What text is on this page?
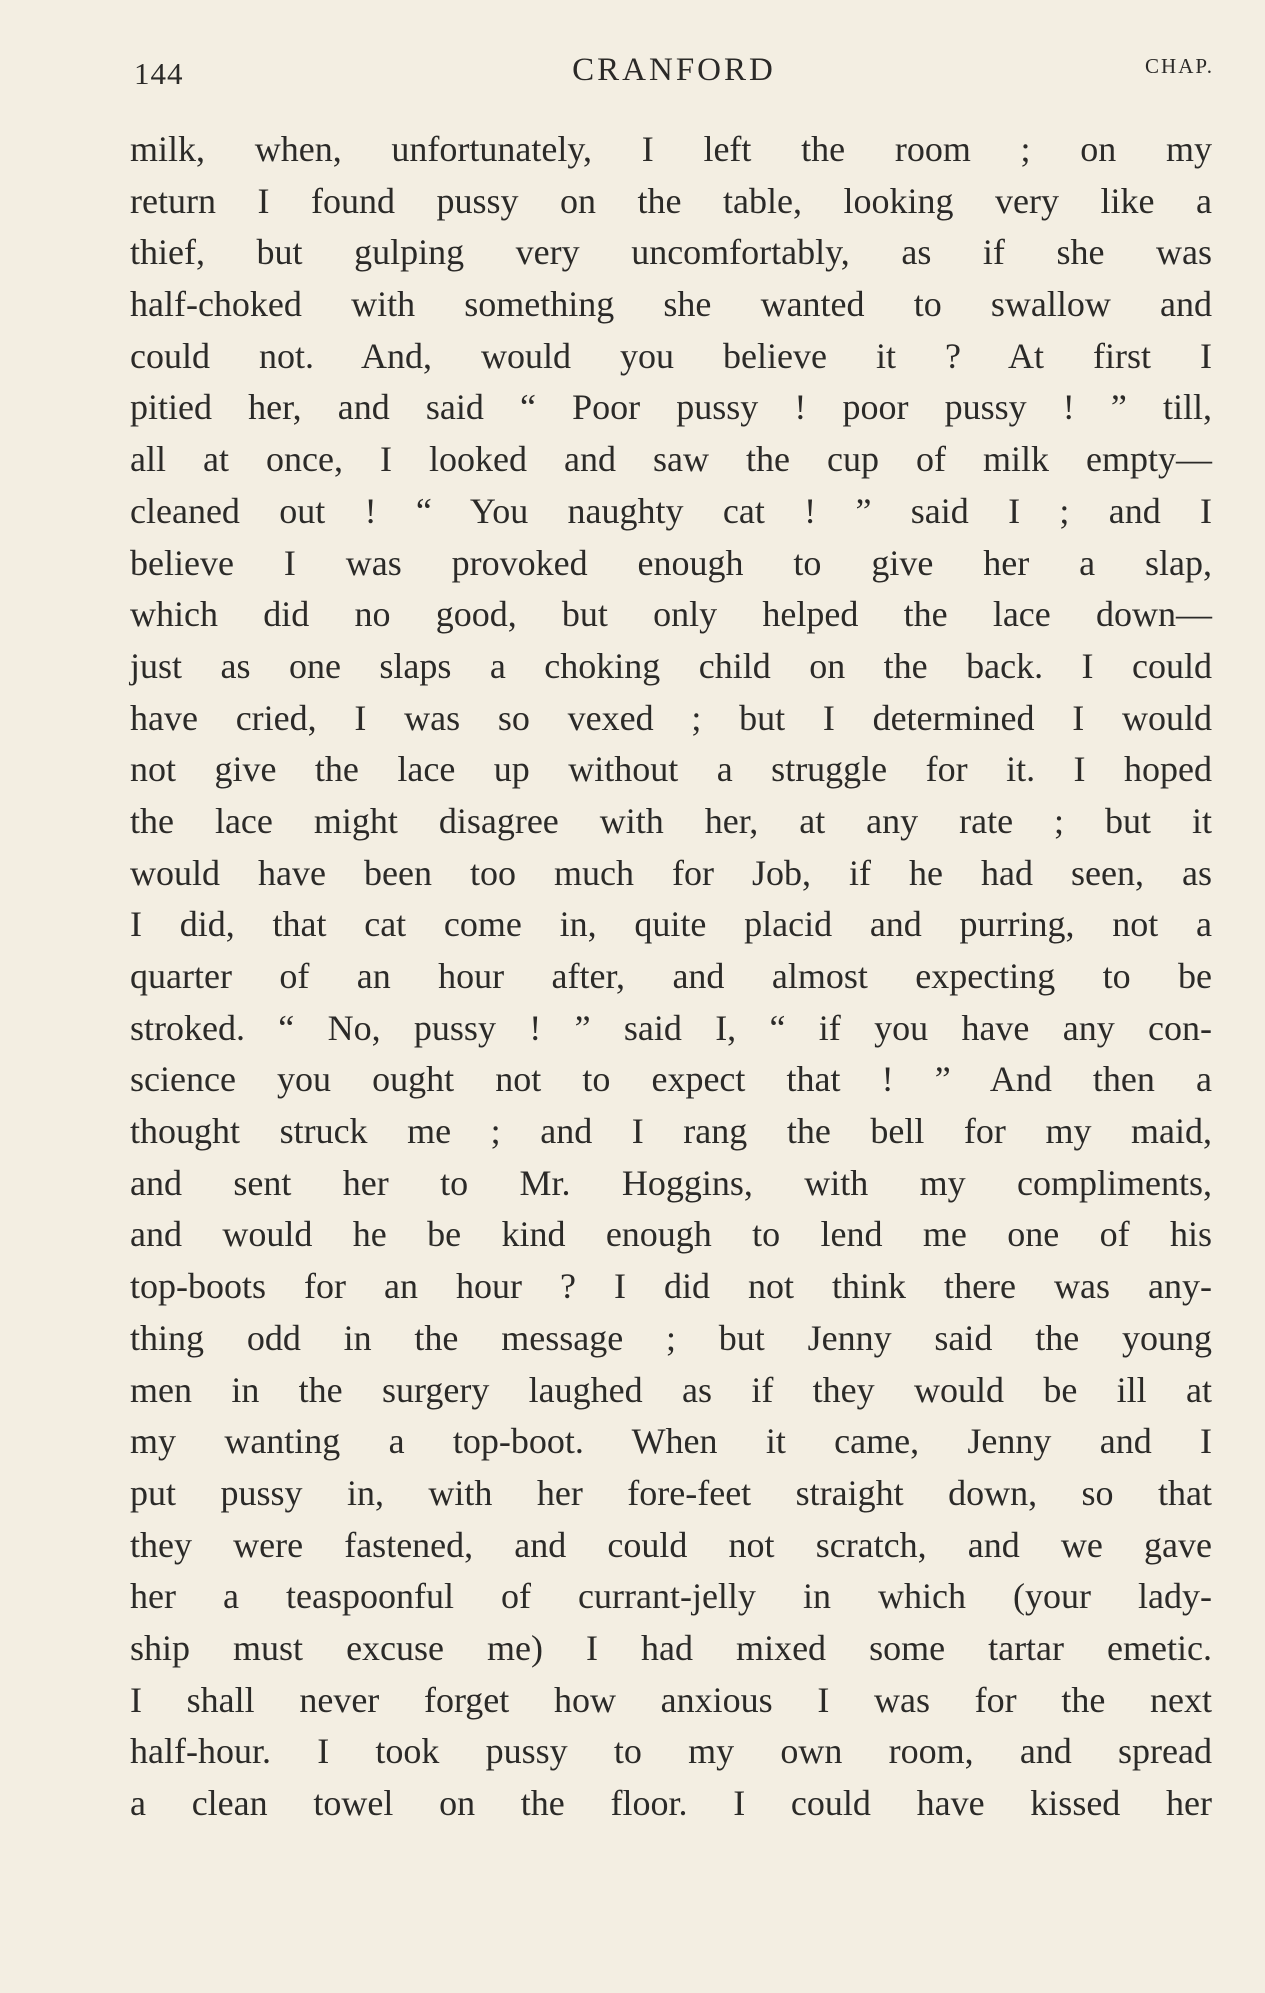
144	CRANFORD	CHAP.
milk, when, unfortunately, I left the room ; on my
return I found pussy on the table, looking very like a
thief, but gulping very uncomfortably, as if she was
half-choked with something she wanted to swallow and
could not. And, would you believe it ? At first I
pitied her, and said “ Poor pussy ! poor pussy ! ” till,
all at once, I looked and saw the cup of milk empty—
cleaned out ! “ You naughty cat ! ” said I ; and I
believe I was provoked enough to give her a slap,
which did no good, but only helped the lace down—
just as one slaps a choking child on the back. I could
have cried, I was so vexed ; but I determined I would
not give the lace up without a struggle for it. I hoped
the lace might disagree with her, at any rate ; but it
would have been too much for Job, if he had seen, as
I did, that cat come in, quite placid and purring, not a
quarter of an hour after, and almost expecting to be
stroked. “ No, pussy ! ” said I, “ if you have any con-
science you ought not to expect that ! ” And then a
thought struck me ; and I rang the bell for my maid,
and sent her to Mr. Hoggins, with my compliments,
and would he be kind enough to lend me one of his
top-boots for an hour ? I did not think there was any-
thing odd in the message ; but Jenny said the young
men in the surgery laughed as if they would be ill at
my wanting a top-boot. When it came, Jenny and I
put pussy in, with her fore-feet straight down, so that
they were fastened, and could not scratch, and we gave
her a teaspoonful of currant-jelly in which (your lady-
ship must excuse me) I had mixed some tartar emetic.
I shall never forget how anxious I was for the next
half-hour. I took pussy to my own room, and spread
a clean towel on the floor. I could have kissed her
